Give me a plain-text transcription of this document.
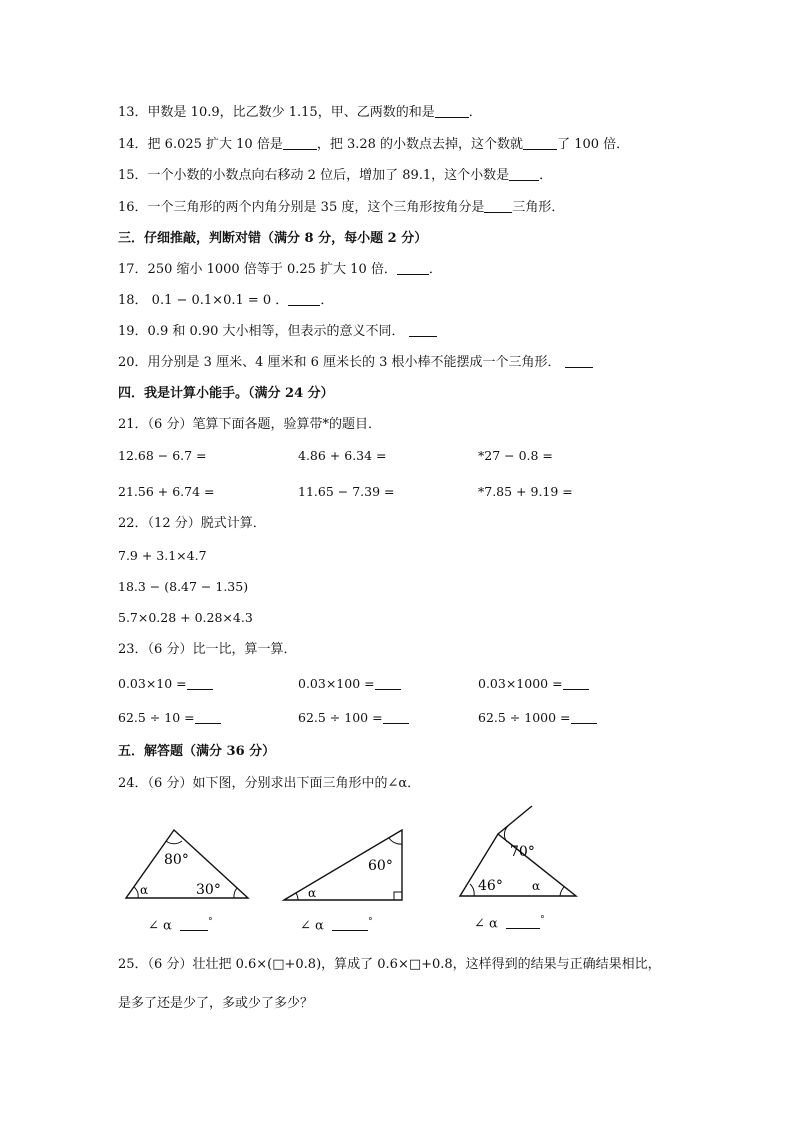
13．甲数是 10.9，比乙数少 1.15，甲、乙两数的和是	．
14．把 6.025 扩大 10 倍是	，把 3.28 的小数点去掉，这个数就	了 100 倍．
15．一个小数的小数点向右移动 2 位后，增加了 89.1，这个小数是 ．
16．一个三角形的两个内角分别是 35 度，这个三角形按角分是 三角形．
三．仔细推敲，判断对错（满分 8 分，每小题 2 分）
17．250 缩小 1000 倍等于 0.25 扩大 10 倍． ．
18． 0.1 − 0.1×0.1 = 0 ． ．
19．0.9 和 0.90 大小相等，但表示的意义不同．
20．用分别是 3 厘米、4 厘米和 6 厘米长的 3 根小棒不能摆成一个三角形．
四．我是计算小能手。（满分 24 分）
21．（6 分）笔算下面各题，验算带*的题目．
12.68 − 6.7 =	4.86 + 6.34 =	*27 − 0.8 =
21.56 + 6.74 =	11.65 − 7.39 =	*7.85 + 9.19 =
22．（12 分）脱式计算．
7.9 + 3.1×4.7
18.3 − (8.47 − 1.35)
5.7×0.28 + 0.28×4.3
23．（6 分）比一比，算一算．
0.03×10 =	0.03×100 =	0.03×1000 =
62.5 ÷ 10 =	62.5 ÷ 100 =	62.5 ÷ 1000 =
五．解答题（满分 36 分）
24．（6 分）如下图，分别求出下面三角形中的∠α．
80°
30°
α
60°
α
70°
46° α
∠ α	°	∠ α	°	∠ α	°
25．（6 分）壮壮把 0.6×(□+0.8)，算成了 0.6×□+0.8，这样得到的结果与正确结果相比，
是多了还是少了，多或少了多少？
